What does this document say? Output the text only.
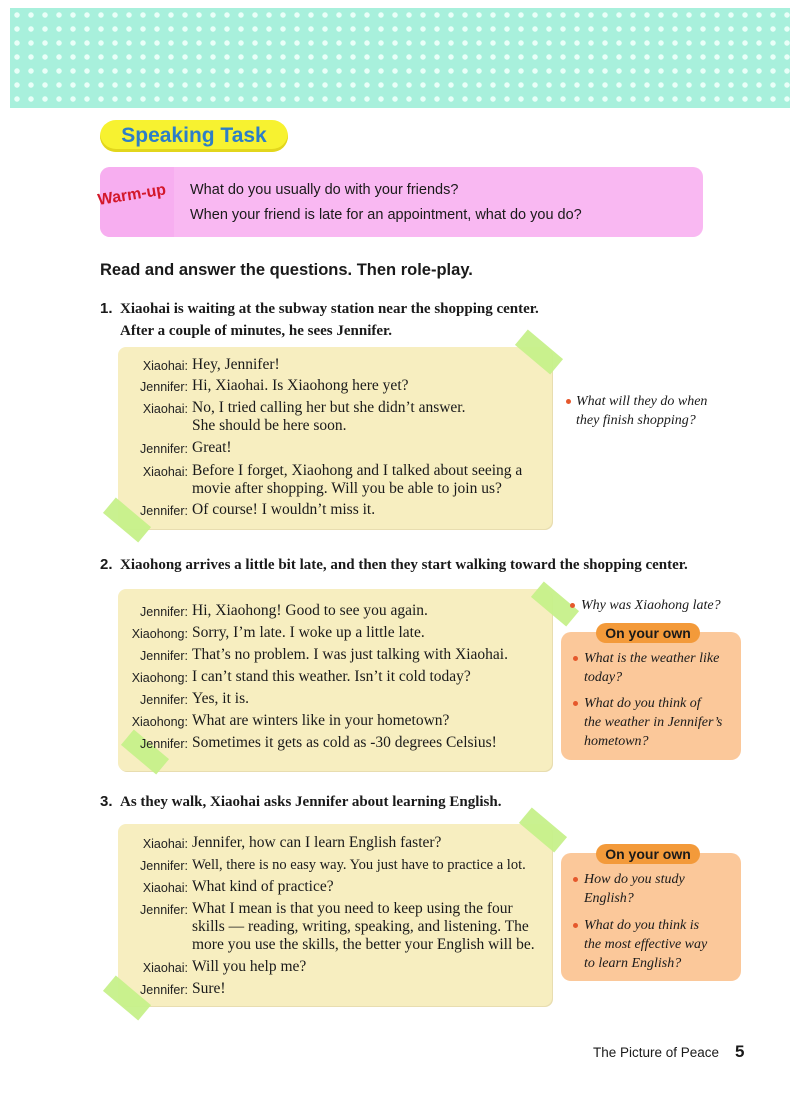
Speaking Task
Warm-up What do you usually do with your friends?
When your friend is late for an appointment, what do you do?
Read and answer the questions. Then role-play.
1. Xiaohai is waiting at the subway station near the shopping center.
After a couple of minutes, he sees Jennifer.
Xiaohai: Hey, Jennifer!
Jennifer: Hi, Xiaohai. Is Xiaohong here yet?
Xiaohai: No, I tried calling her but she didn’t answer.
She should be here soon.
Jennifer: Great!
Xiaohai: Before I forget, Xiaohong and I talked about seeing a
movie after shopping. Will you be able to join us?
Jennifer: Of course! I wouldn’t miss it.
What will they do when
they finish shopping?
2. Xiaohong arrives a little bit late, and then they start walking toward the shopping center.
Jennifer: Hi, Xiaohong! Good to see you again.
Xiaohong: Sorry, I’m late. I woke up a little late.
Jennifer: That’s no problem. I was just talking with Xiaohai.
Xiaohong: I can’t stand this weather. Isn’t it cold today?
Jennifer: Yes, it is.
Xiaohong: What are winters like in your hometown?
Jennifer: Sometimes it gets as cold as -30 degrees Celsius!
Why was Xiaohong late?
On your own
What is the weather like
today?
What do you think of
the weather in Jennifer’s
hometown?
3. As they walk, Xiaohai asks Jennifer about learning English.
Xiaohai: Jennifer, how can I learn English faster?
Jennifer: Well, there is no easy way. You just have to practice a lot.
Xiaohai: What kind of practice?
Jennifer: What I mean is that you need to keep using the four
skills — reading, writing, speaking, and listening. The
more you use the skills, the better your English will be.
Xiaohai: Will you help me?
Jennifer: Sure!
On your own
How do you study
English?
What do you think is
the most effective way
to learn English?
The Picture of Peace 5
